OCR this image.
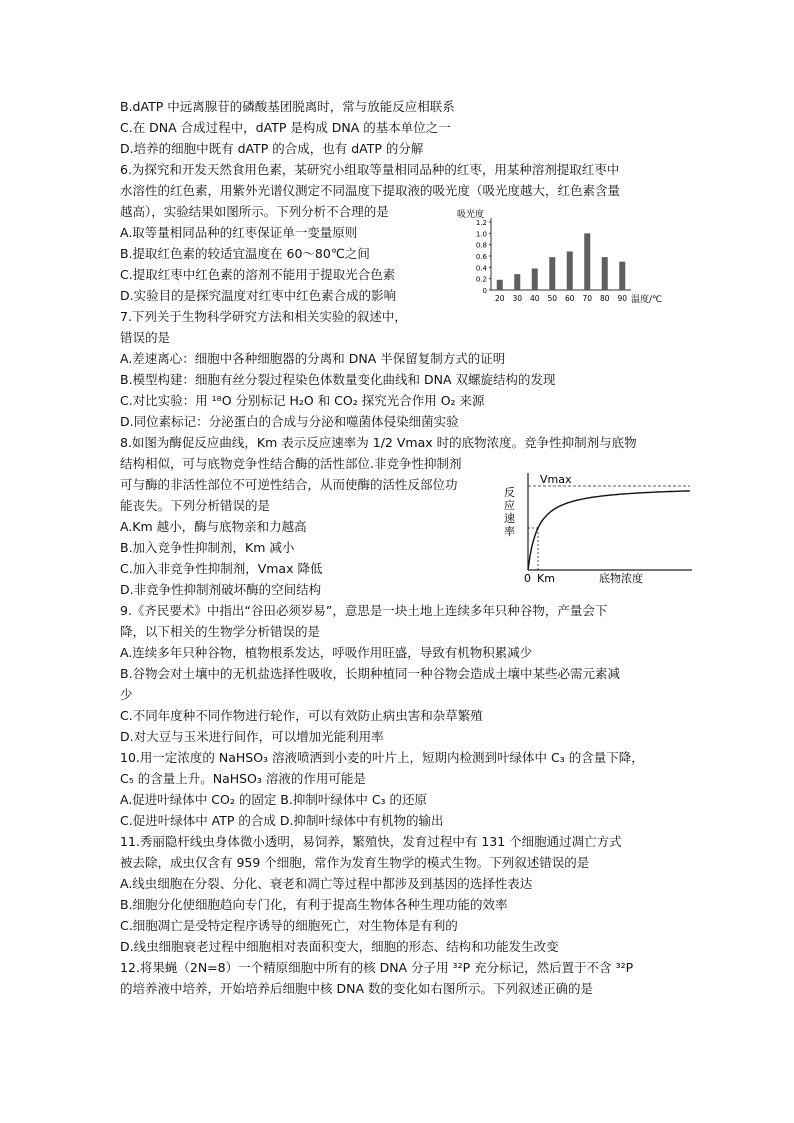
B.dATP 中远离腺苷的磷酸基团脱离时，常与放能反应相联系
C.在 DNA 合成过程中，dATP 是构成 DNA 的基本单位之一
D.培养的细胞中既有 dATP 的合成，也有 dATP 的分解
6.为探究和开发天然食用色素，某研究小组取等量相同品种的红枣，用某种溶剂提取红枣中
水溶性的红色素，用紫外光谱仪测定不同温度下提取液的吸光度（吸光度越大，红色素含量
越高），实验结果如图所示。下列分析不合理的是
A.取等量相同品种的红枣保证单一变量原则
B.提取红色素的较适宜温度在 60～80℃之间
C.提取红枣中红色素的溶剂不能用于提取光合色素
D.实验目的是探究温度对红枣中红色素合成的影响
7.下列关于生物科学研究方法和相关实验的叙述中，
错误的是
A.差速离心：细胞中各种细胞器的分离和 DNA 半保留复制方式的证明
B.模型构建：细胞有丝分裂过程染色体数量变化曲线和 DNA 双螺旋结构的发现
C.对比实验：用 ¹⁸O 分别标记 H₂O 和 CO₂ 探究光合作用 O₂ 来源
D.同位素标记：分泌蛋白的合成与分泌和噬菌体侵染细菌实验
8.如图为酶促反应曲线，Km 表示反应速率为 1/2 Vmax 时的底物浓度。竞争性抑制剂与底物
结构相似，可与底物竞争性结合酶的活性部位.非竞争性抑制剂
可与酶的非活性部位不可逆性结合，从而使酶的活性反部位功
能丧失。下列分析错误的是
A.Km 越小，酶与底物亲和力越高
B.加入竞争性抑制剂，Km 减小
C.加入非竞争性抑制剂，Vmax 降低
D.非竞争性抑制剂破坏酶的空间结构
9.《齐民要术》中指出“谷田必须岁易”，意思是一块土地上连续多年只种谷物，产量会下
降，以下相关的生物学分析错误的是
A.连续多年只种谷物，植物根系发达，呼吸作用旺盛，导致有机物积累减少
B.谷物会对土壤中的无机盐选择性吸收，长期种植同一种谷物会造成土壤中某些必需元素减
少
C.不同年度种不同作物进行轮作，可以有效防止病虫害和杂草繁殖
D.对大豆与玉米进行间作，可以增加光能利用率
10.用一定浓度的 NaHSO₃ 溶液喷洒到小麦的叶片上，短期内检测到叶绿体中 C₃ 的含量下降，
C₅ 的含量上升。NaHSO₃ 溶液的作用可能是
A.促进叶绿体中 CO₂ 的固定 B.抑制叶绿体中 C₃ 的还原
C.促进叶绿体中 ATP 的合成 D.抑制叶绿体中有机物的输出
11.秀丽隐杆线虫身体微小透明，易饲养，繁殖快，发育过程中有 131 个细胞通过凋亡方式
被去除，成虫仅含有 959 个细胞，常作为发育生物学的模式生物。下列叙述错误的是
A.线虫细胞在分裂、分化、衰老和凋亡等过程中都涉及到基因的选择性表达
B.细胞分化使细胞趋向专门化，有利于提高生物体各种生理功能的效率
C.细胞凋亡是受特定程序诱导的细胞死亡，对生物体是有利的
D.线虫细胞衰老过程中细胞相对表面积变大，细胞的形态、结构和功能发生改变
12.将果蝇（2N=8）一个精原细胞中所有的核 DNA 分子用 ³²P 充分标记，然后置于不含 ³²P
的培养液中培养，开始培养后细胞中核 DNA 数的变化如右图所示。下列叙述正确的是
0
0.2
0.4
0.6
0.8
1.0
1.2
20 30 40 50 60 70 80 90
吸光度
温度/℃
反应速率
底物浓度
0 Km
Vmax
